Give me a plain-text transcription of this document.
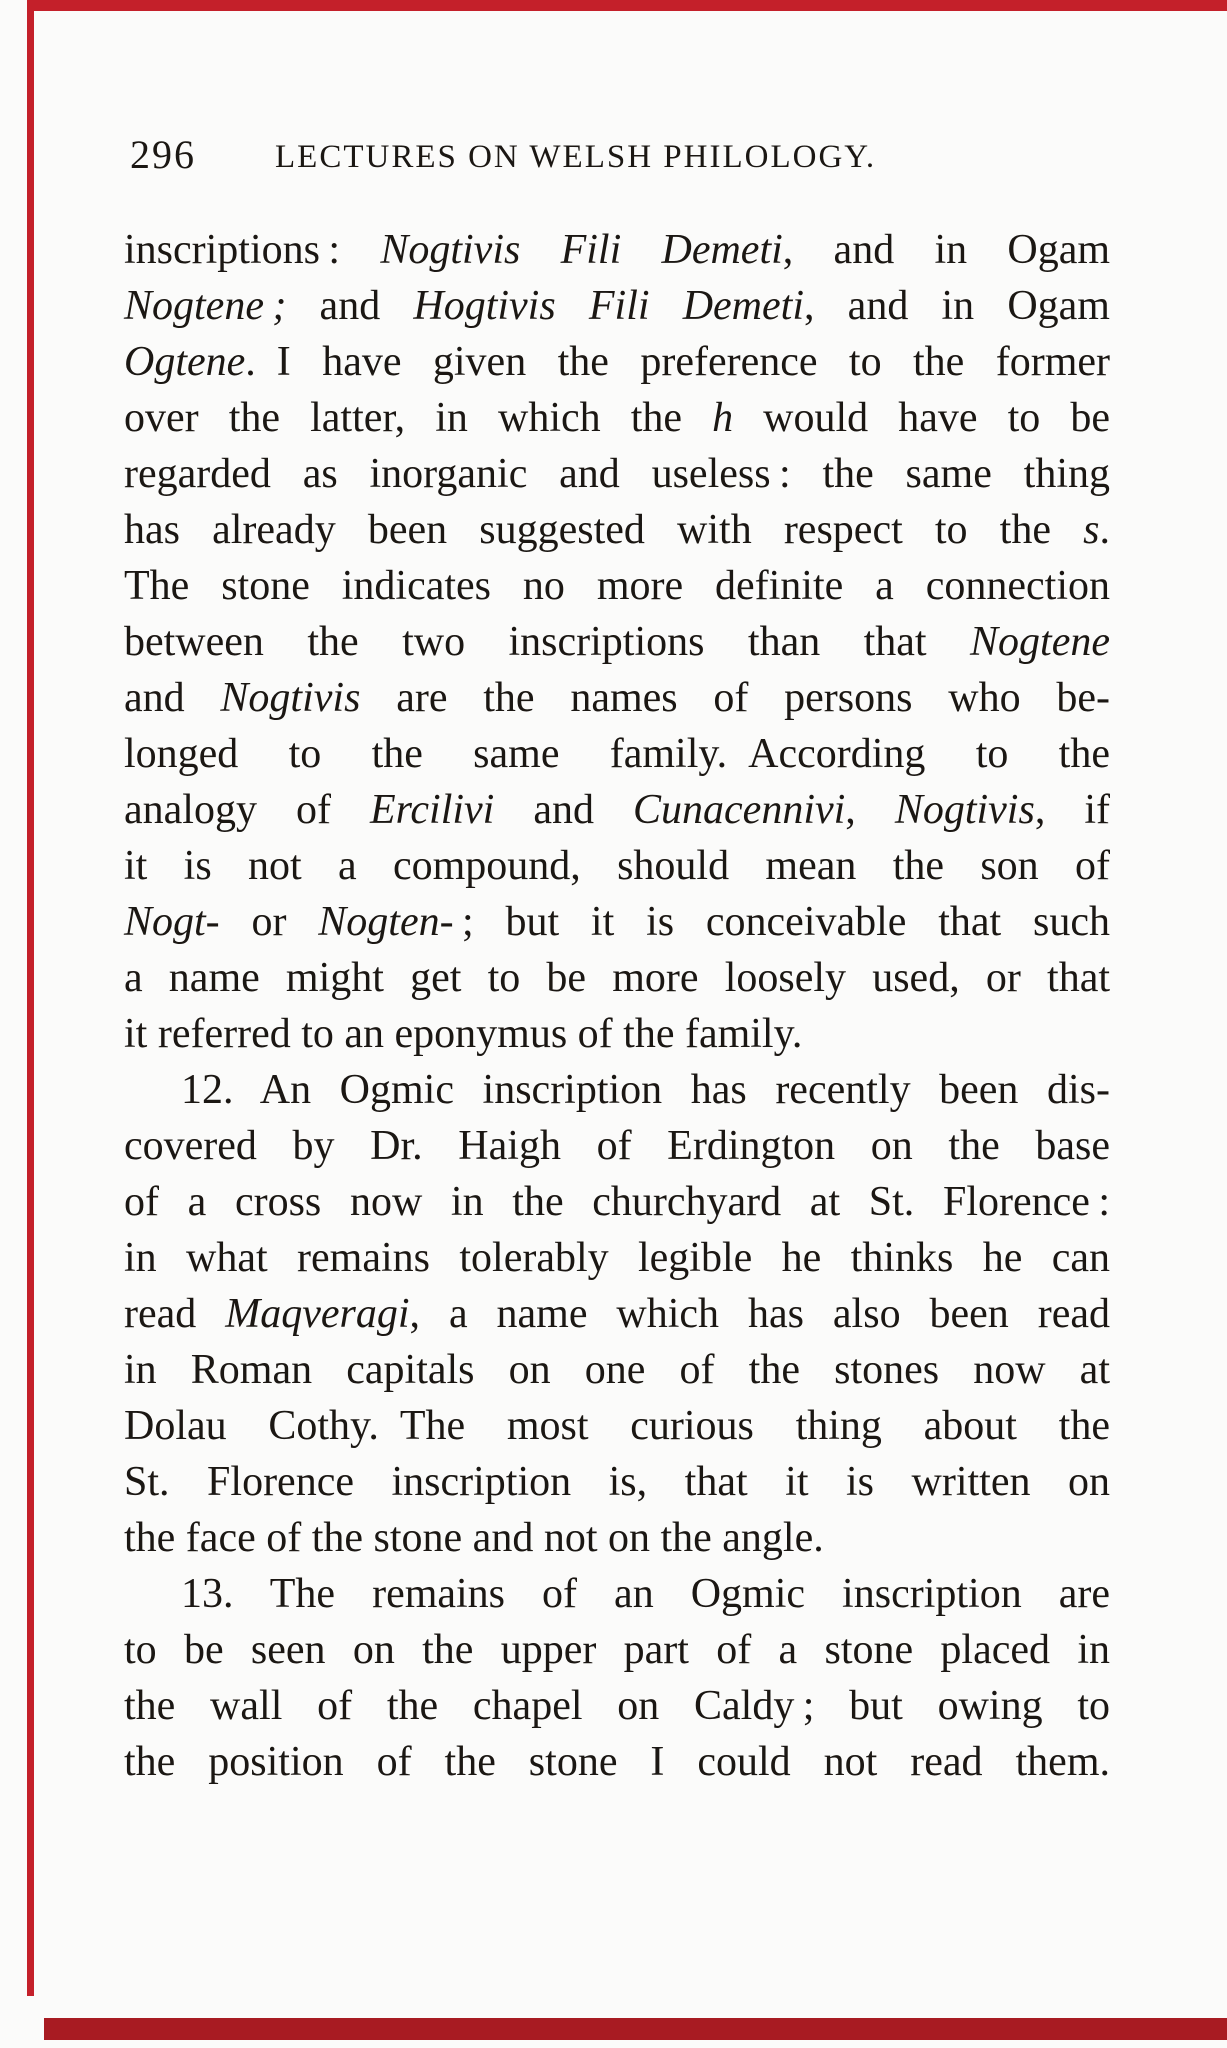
296 LECTURES ON WELSH PHILOLOGY.
inscriptions : Nogtivis Fili Demeti, and in Ogam
Nogtene ; and Hogtivis Fili Demeti, and in Ogam
Ogtene. I have given the preference to the former
over the latter, in which the h would have to be
regarded as inorganic and useless : the same thing
has already been suggested with respect to the s.
The stone indicates no more definite a connection
between the two inscriptions than that Nogtene
and Nogtivis are the names of persons who be-
longed to the same family. According to the
analogy of Ercilivi and Cunacennivi, Nogtivis, if
it is not a compound, should mean the son of
Nogt- or Nogten- ; but it is conceivable that such
a name might get to be more loosely used, or that
it referred to an eponymus of the family.
12. An Ogmic inscription has recently been dis-
covered by Dr. Haigh of Erdington on the base
of a cross now in the churchyard at St. Florence :
in what remains tolerably legible he thinks he can
read Maqveragi, a name which has also been read
in Roman capitals on one of the stones now at
Dolau Cothy. The most curious thing about the
St. Florence inscription is, that it is written on
the face of the stone and not on the angle.
13. The remains of an Ogmic inscription are
to be seen on the upper part of a stone placed in
the wall of the chapel on Caldy ; but owing to
the position of the stone I could not read them.
